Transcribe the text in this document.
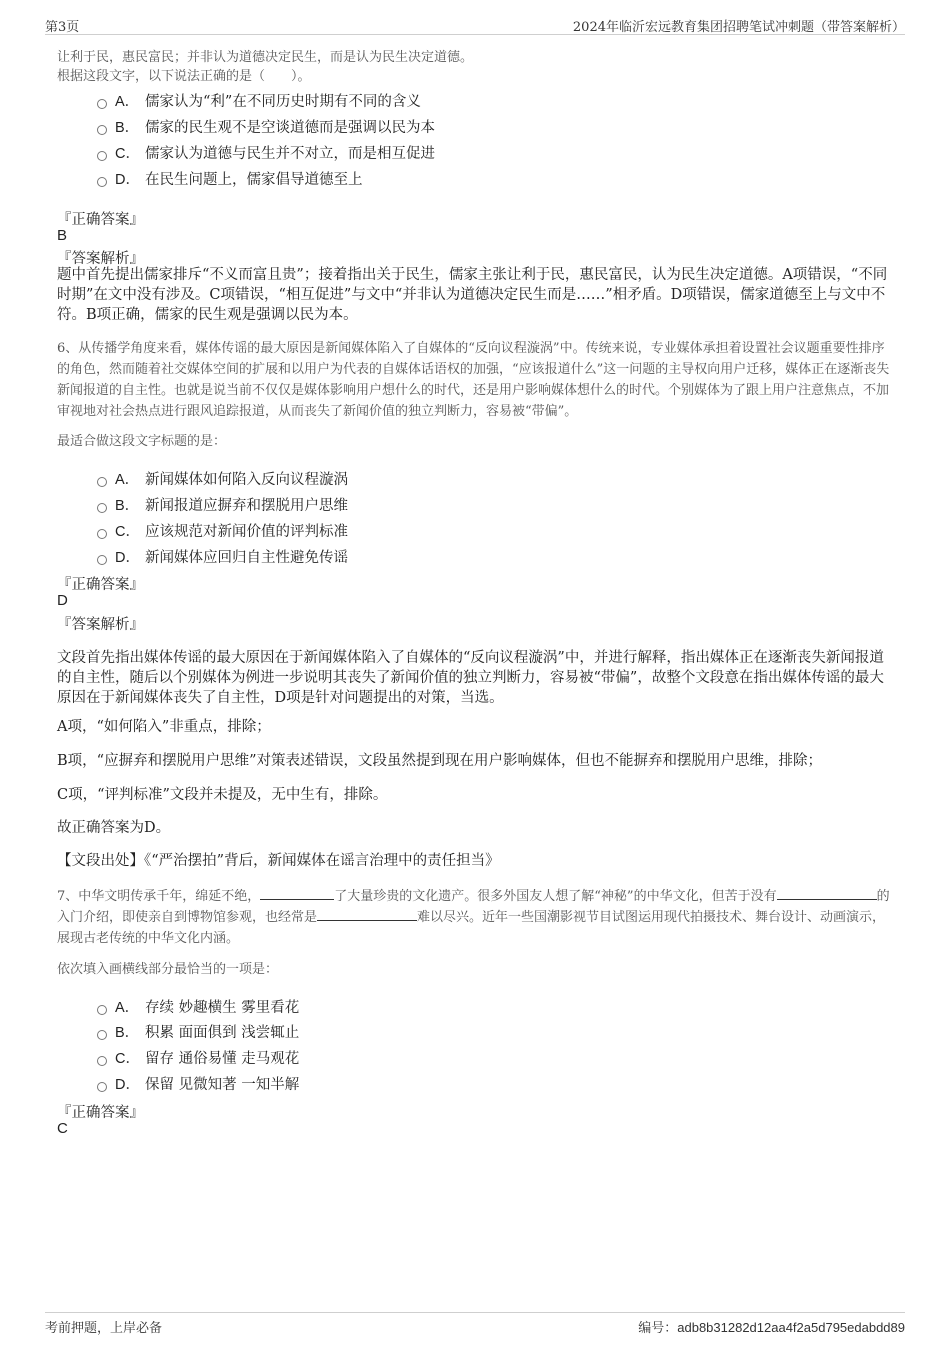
第3页	2024年临沂宏远教育集团招聘笔试冲刺题（带答案解析）
让利于民，惠民富民；并非认为道德决定民生，而是认为民生决定道德。
根据这段文字，以下说法正确的是（　　）。
A． 儒家认为“利”在不同历史时期有不同的含义
B． 儒家的民生观不是空谈道德而是强调以民为本
C． 儒家认为道德与民生并不对立，而是相互促进
D． 在民生问题上，儒家倡导道德至上
『正确答案』
B
『答案解析』
题中首先提出儒家排斥“不义而富且贵”；接着指出关于民生，儒家主张让利于民，惠民富民，认为民生决定道德。A项错误，“不同时期”在文中没有涉及。C项错误，“相互促进”与文中“并非认为道德决定民生而是……”相矛盾。D项错误，儒家道德至上与文中不符。B项正确，儒家的民生观是强调以民为本。
6、从传播学角度来看，媒体传谣的最大原因是新闻媒体陷入了自媒体的“反向议程漩涡”中。传统来说，专业媒体承担着设置社会议题重要性排序的角色，然而随着社交媒体空间的扩展和以用户为代表的自媒体话语权的加强，“应该报道什么”这一问题的主导权向用户迁移，媒体正在逐渐丧失新闻报道的自主性。也就是说当前不仅仅是媒体影响用户想什么的时代，还是用户影响媒体想什么的时代。个别媒体为了跟上用户注意焦点，不加审视地对社会热点进行跟风追踪报道，从而丧失了新闻价值的独立判断力，容易被“带偏”。
最适合做这段文字标题的是：
A． 新闻媒体如何陷入反向议程漩涡
B． 新闻报道应摒弃和摆脱用户思维
C． 应该规范对新闻价值的评判标准
D． 新闻媒体应回归自主性避免传谣
『正确答案』
D
『答案解析』
文段首先指出媒体传谣的最大原因在于新闻媒体陷入了自媒体的“反向议程漩涡”中，并进行解释，指出媒体正在逐渐丧失新闻报道的自主性，随后以个别媒体为例进一步说明其丧失了新闻价值的独立判断力，容易被“带偏”，故整个文段意在指出媒体传谣的最大原因在于新闻媒体丧失了自主性，D项是针对问题提出的对策，当选。
A项，“如何陷入”非重点，排除；
B项，“应摒弃和摆脱用户思维”对策表述错误，文段虽然提到现在用户影响媒体，但也不能摒弃和摆脱用户思维，排除；
C项，“评判标准”文段并未提及，无中生有，排除。
故正确答案为D。
【文段出处】《“严治摆拍”背后，新闻媒体在谣言治理中的责任担当》
7、中华文明传承千年，绵延不绝，	了大量珍贵的文化遗产。很多外国友人想了解“神秘”的中华文化，但苦于没有	的入门介绍，即使亲自到博物馆参观，也经常是	难以尽兴。近年一些国潮影视节目试图运用现代拍摄技术、舞台设计、动画演示，展现古老传统的中华文化内涵。
依次填入画横线部分最恰当的一项是：
A． 存续 妙趣横生 雾里看花
B． 积累 面面俱到 浅尝辄止
C． 留存 通俗易懂 走马观花
D． 保留 见微知著 一知半解
『正确答案』
C
考前押题，上岸必备	编号：adb8b31282d12aa4f2a5d795edabdd89
